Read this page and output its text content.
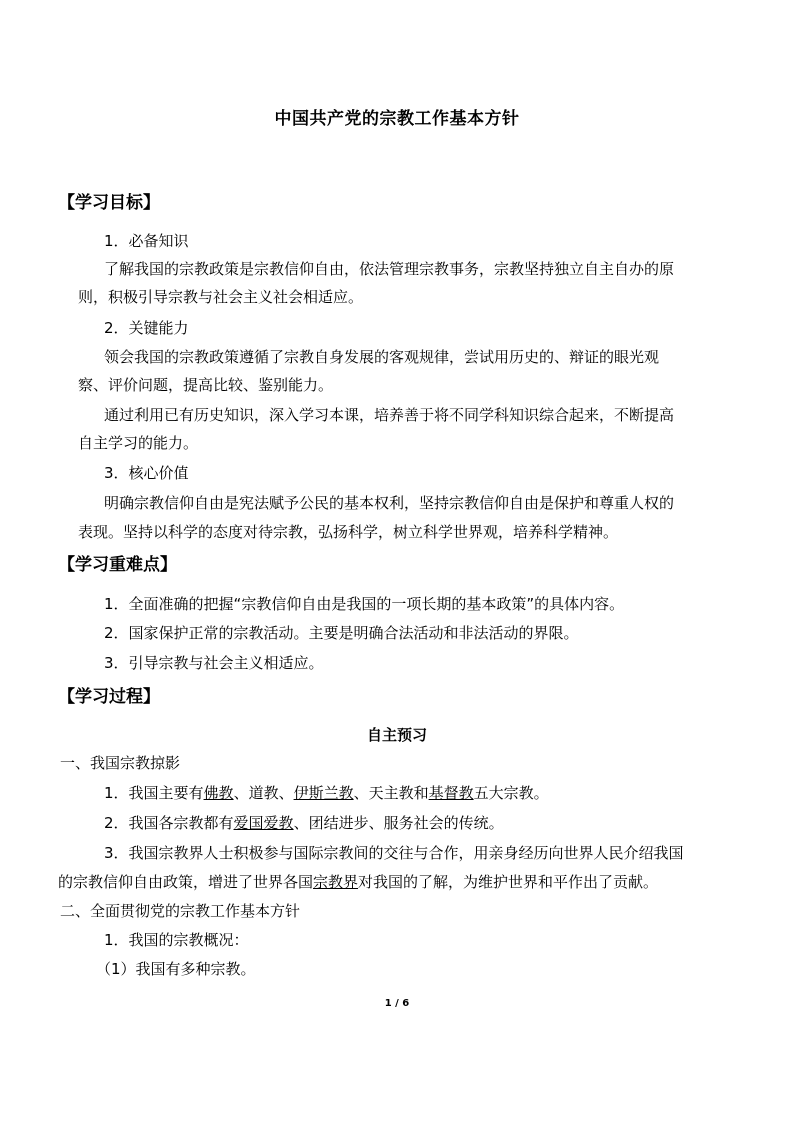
中国共产党的宗教工作基本方针
【学习目标】
1．必备知识
了解我国的宗教政策是宗教信仰自由，依法管理宗教事务，宗教坚持独立自主自办的原
则，积极引导宗教与社会主义社会相适应。
2．关键能力
领会我国的宗教政策遵循了宗教自身发展的客观规律，尝试用历史的、辩证的眼光观
察、评价问题，提高比较、鉴别能力。
通过利用已有历史知识，深入学习本课，培养善于将不同学科知识综合起来，不断提高
自主学习的能力。
3．核心价值
明确宗教信仰自由是宪法赋予公民的基本权利，坚持宗教信仰自由是保护和尊重人权的
表现。坚持以科学的态度对待宗教，弘扬科学，树立科学世界观，培养科学精神。
【学习重难点】
1．全面准确的把握“宗教信仰自由是我国的一项长期的基本政策”的具体内容。
2．国家保护正常的宗教活动。主要是明确合法活动和非法活动的界限。
3．引导宗教与社会主义相适应。
【学习过程】
自主预习
一、我国宗教掠影
1．我国主要有佛教、道教、伊斯兰教、天主教和基督教五大宗教。
2．我国各宗教都有爱国爱教、团结进步、服务社会的传统。
3．我国宗教界人士积极参与国际宗教间的交往与合作，用亲身经历向世界人民介绍我国
的宗教信仰自由政策，增进了世界各国宗教界对我国的了解，为维护世界和平作出了贡献。
二、全面贯彻党的宗教工作基本方针
1．我国的宗教概况：
（1）我国有多种宗教。
1 / 6
